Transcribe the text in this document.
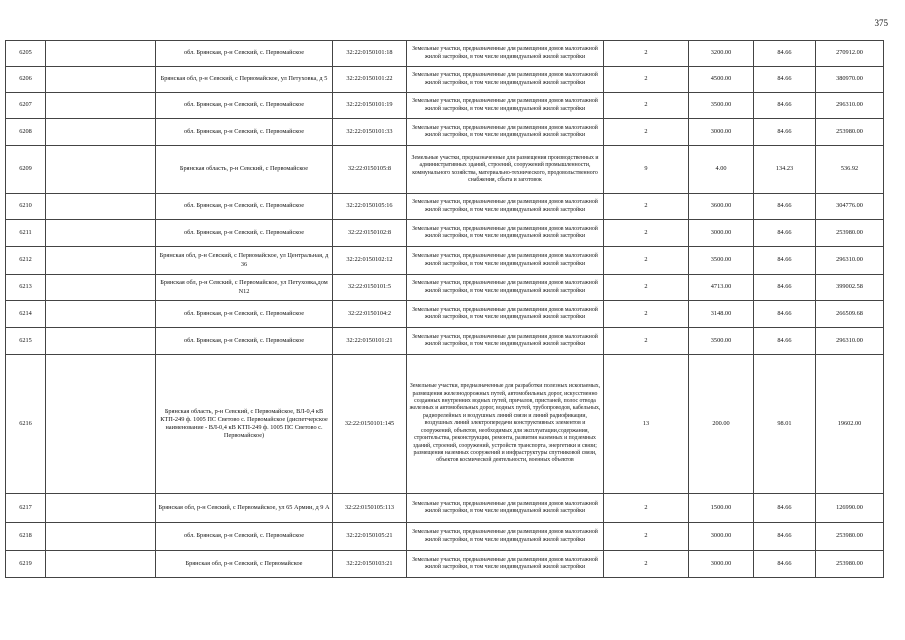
375
6205		обл. Брянская, р-н Севский, с. Первомайское	32:22:0150101:18	Земельные участки, предназначенные для размещения домов малоэтажной жилой застройки, в том числе индивидуальной жилой застройки	2	3200.00	84.66	270912.00
6206		Брянская обл, р-н Севский, с Первомайское, ул Петуховка, д 5	32:22:0150101:22	Земельные участки, предназначенные для размещения домов малоэтажной жилой застройки, в том числе индивидуальной жилой застройки	2	4500.00	84.66	380970.00
6207		обл. Брянская, р-н Севский, с. Первомайское	32:22:0150101:19	Земельные участки, предназначенные для размещения домов малоэтажной жилой застройки, в том числе индивидуальной жилой застройки	2	3500.00	84.66	296310.00
6208		обл. Брянская, р-н Севский, с. Первомайское	32:22:0150101:33	Земельные участки, предназначенные для размещения домов малоэтажной жилой застройки, в том числе индивидуальной жилой застройки	2	3000.00	84.66	253980.00
6209		Брянская область, р-н Севский, с Первомайское	32:22:0150105:8	Земельные участки, предназначенные для размещения производственных и административных зданий, строений, сооружений промышленности, коммунального хозяйства, материально-технического, продовольственного снабжения, сбыта и заготовок	9	4.00	134.23	536.92
6210		обл. Брянская, р-н Севский, с. Первомайское	32:22:0150105:16	Земельные участки, предназначенные для размещения домов малоэтажной жилой застройки, в том числе индивидуальной жилой застройки	2	3600.00	84.66	304776.00
6211		обл. Брянская, р-н Севский, с. Первомайское	32:22:0150102:8	Земельные участки, предназначенные для размещения домов малоэтажной жилой застройки, в том числе индивидуальной жилой застройки	2	3000.00	84.66	253980.00
6212		Брянская обл, р-н Севский, с Первомайское, ул Центральная, д 36	32:22:0150102:12	Земельные участки, предназначенные для размещения домов малоэтажной жилой застройки, в том числе индивидуальной жилой застройки	2	3500.00	84.66	296310.00
6213		Брянская обл, р-н Севский, с Первомайское, ул Петуховка,дом N12	32:22:0150101:5	Земельные участки, предназначенные для размещения домов малоэтажной жилой застройки, в том числе индивидуальной жилой застройки	2	4713.00	84.66	399002.58
6214		обл. Брянская, р-н Севский, с. Первомайское	32:22:0150104:2	Земельные участки, предназначенные для размещения домов малоэтажной жилой застройки, в том числе индивидуальной жилой застройки	2	3148.00	84.66	266509.68
6215		обл. Брянская, р-н Севский, с. Первомайское	32:22:0150101:21	Земельные участки, предназначенные для размещения домов малоэтажной жилой застройки, в том числе индивидуальной жилой застройки	2	3500.00	84.66	296310.00
6216		Брянская область, р-н Севский, с Первомайское, ВЛ-0,4 кВ КТП-249 ф. 1005 ПС Светово с. Первомайское (диспетчерское наименование - ВЛ-0,4 кВ КТП-249 ф. 1005 ПС Светово с. Первомайское)	32:22:0150101:145	Земельные участки, предназначенные для разработки полезных ископаемых, размещения железнодорожных путей, автомобильных дорог, искусственно созданных внутренних водных путей, причалов, пристаней, полос отвода железных и автомобильных дорог, водных путей, трубопроводов, кабельных, радиорелейных и воздушных линий связи и линий радиофикации, воздушных линий электропередачи конструктивных элементов и сооружений, объектов, необходимых для эксплуатации,содержания, строительства, реконструкции, ремонта, развития наземных и подземных зданий, строений, сооружений, устройств транспорта, энергетики и связи; размещения наземных сооружений и инфраструктуры спутниковой связи, объектов космической деятельности, военных объектов	13	200.00	98.01	19602.00
6217		Брянская обл, р-н Севский, с Первомайское, ул 65 Армии, д 9 А	32:22:0150105:113	Земельные участки, предназначенные для размещения домов малоэтажной жилой застройки, в том числе индивидуальной жилой застройки	2	1500.00	84.66	126990.00
6218		обл. Брянская, р-н Севский, с. Первомайское	32:22:0150105:21	Земельные участки, предназначенные для размещения домов малоэтажной жилой застройки, в том числе индивидуальной жилой застройки	2	3000.00	84.66	253980.00
6219		Брянская обл, р-н Севский, с Первомайское	32:22:0150103:21	Земельные участки, предназначенные для размещения домов малоэтажной жилой застройки, в том числе индивидуальной жилой застройки	2	3000.00	84.66	253980.00
